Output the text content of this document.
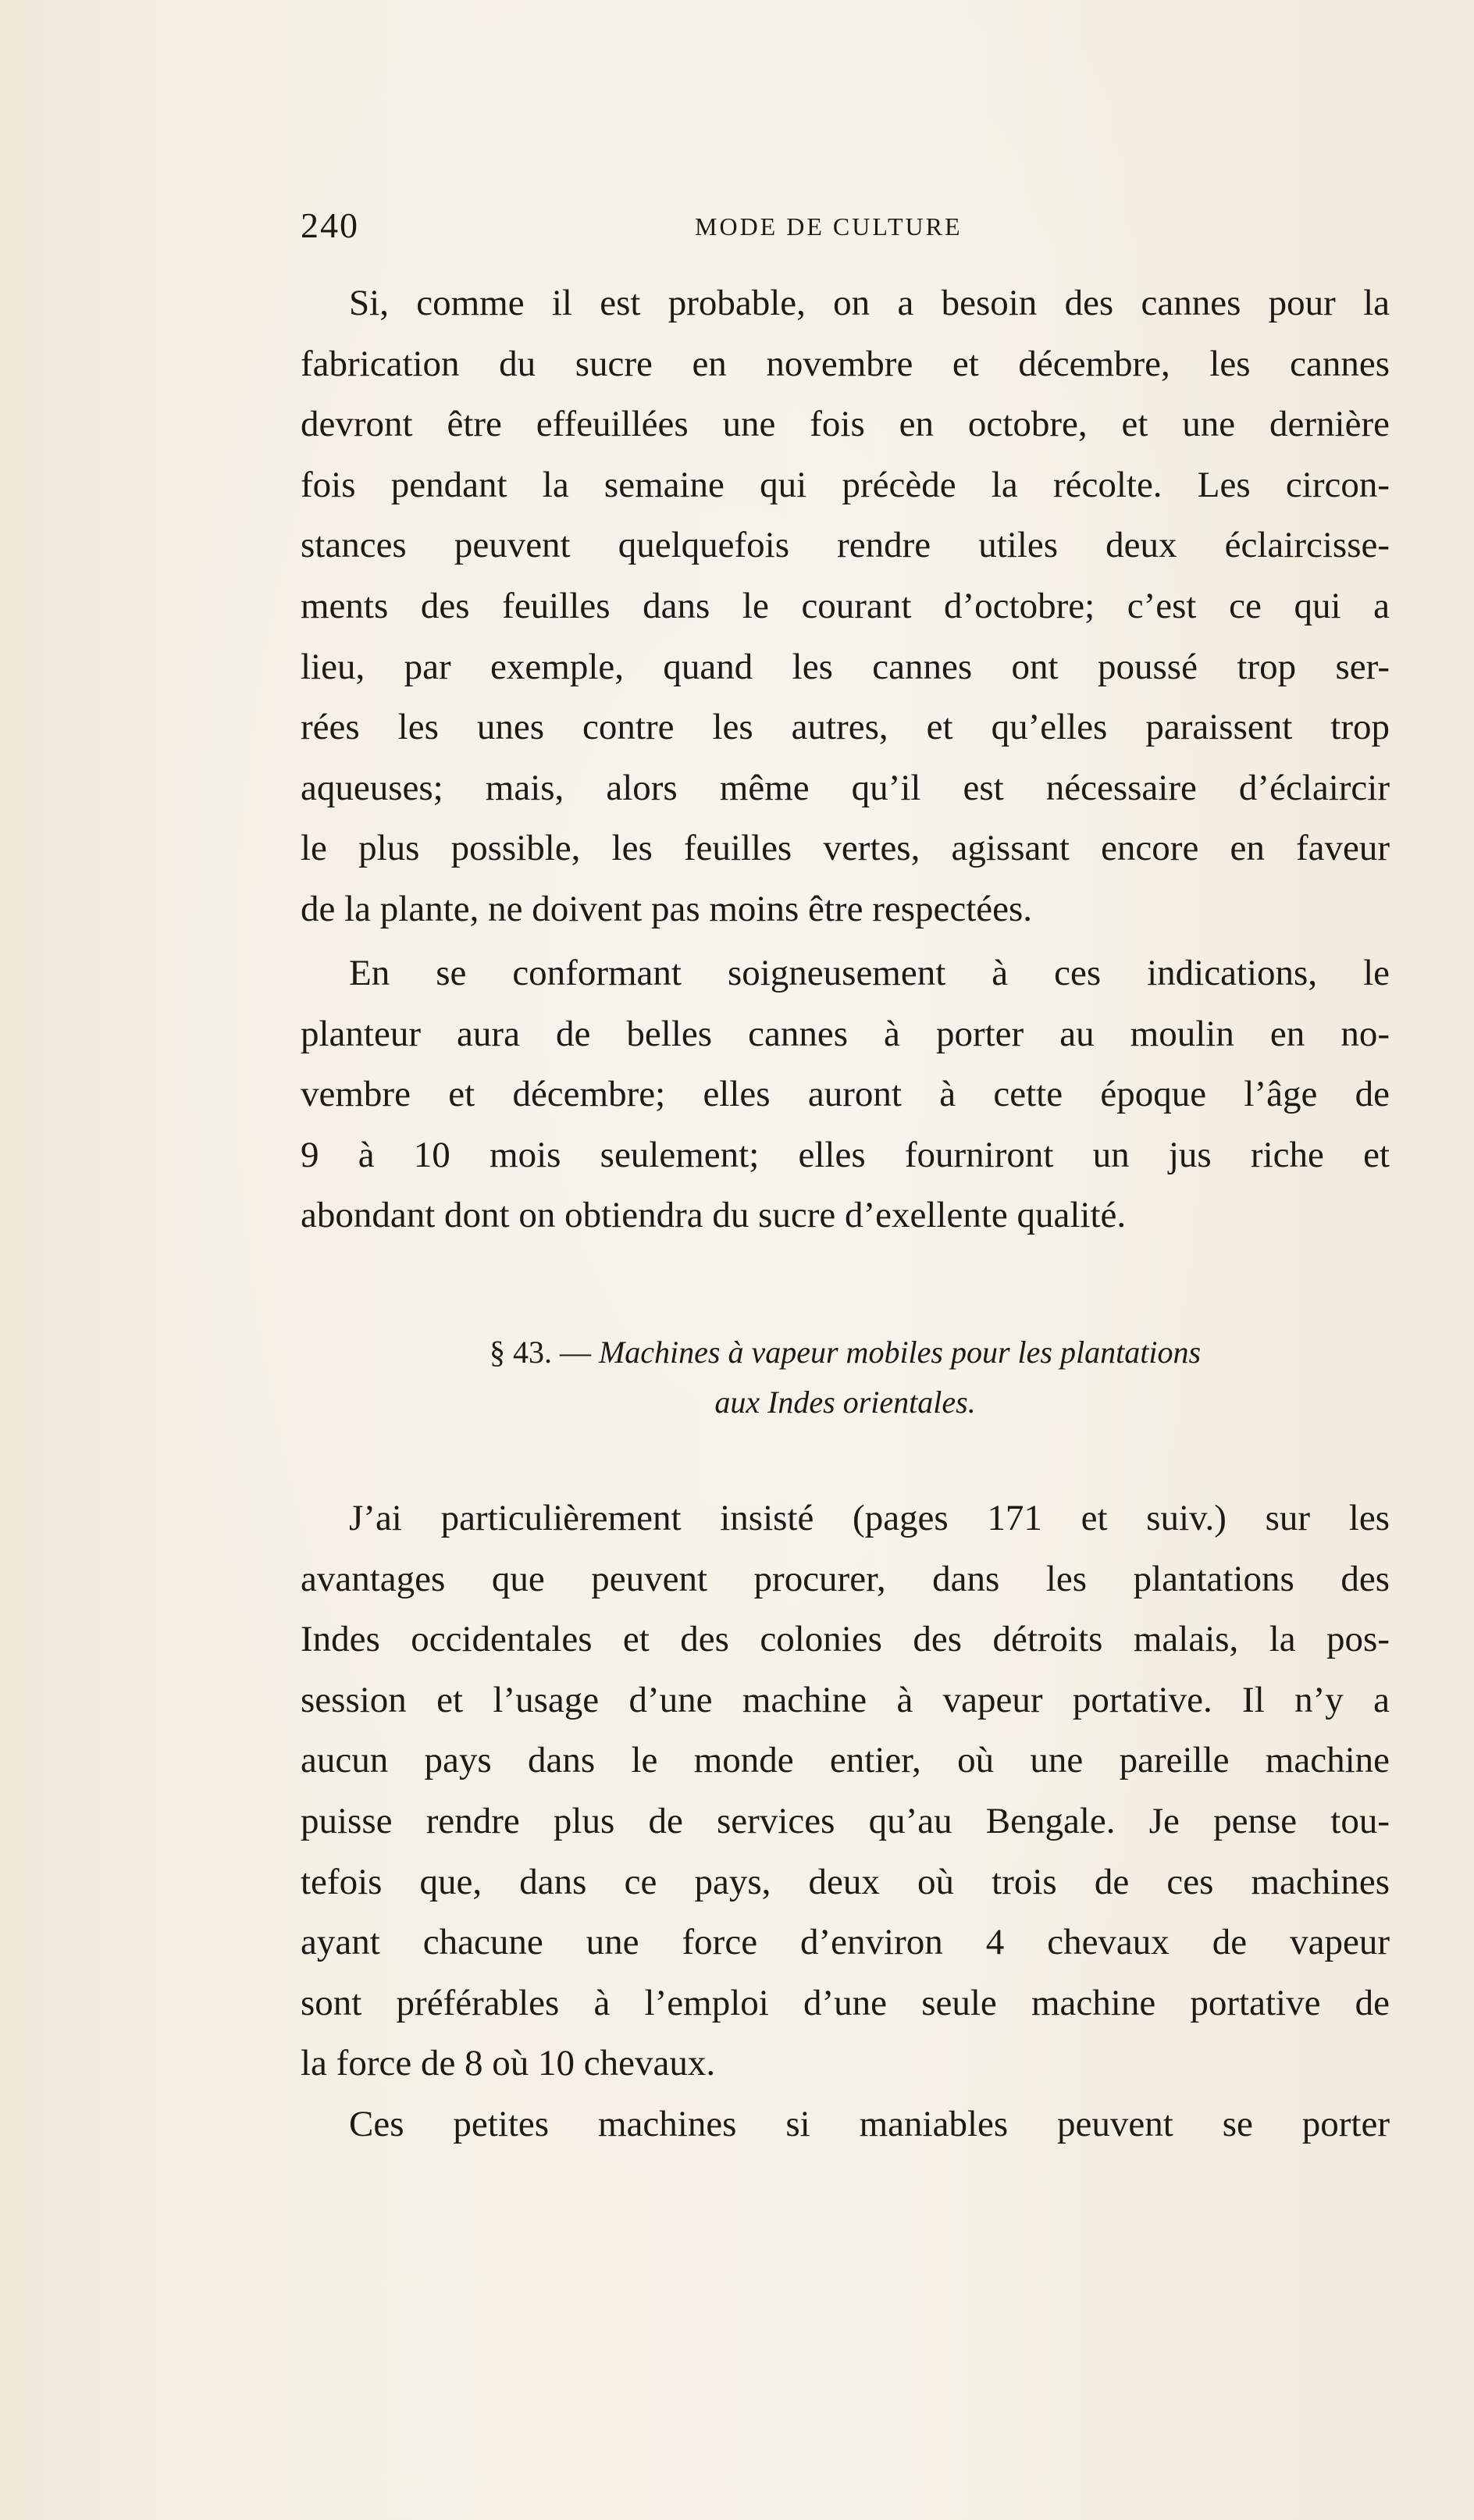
240	MODE DE CULTURE
Si, comme il est probable, on a besoin des cannes pour la
fabrication du sucre en novembre et décembre, les cannes
devront être effeuillées une fois en octobre, et une dernière
fois pendant la semaine qui précède la récolte. Les circon-
stances peuvent quelquefois rendre utiles deux éclaircisse-
ments des feuilles dans le courant d’octobre; c’est ce qui a
lieu, par exemple, quand les cannes ont poussé trop ser-
rées les unes contre les autres, et qu’elles paraissent trop
aqueuses; mais, alors même qu’il est nécessaire d’éclaircir
le plus possible, les feuilles vertes, agissant encore en faveur
de la plante, ne doivent pas moins être respectées.
En se conformant soigneusement à ces indications, le
planteur aura de belles cannes à porter au moulin en no-
vembre et décembre; elles auront à cette époque l’âge de
9 à 10 mois seulement; elles fourniront un jus riche et
abondant dont on obtiendra du sucre d’exellente qualité.
§ 43. — Machines à vapeur mobiles pour les plantations
aux Indes orientales.
J’ai particulièrement insisté (pages 171 et suiv.) sur les
avantages que peuvent procurer, dans les plantations des
Indes occidentales et des colonies des détroits malais, la pos-
session et l’usage d’une machine à vapeur portative. Il n’y a
aucun pays dans le monde entier, où une pareille machine
puisse rendre plus de services qu’au Bengale. Je pense tou-
tefois que, dans ce pays, deux où trois de ces machines
ayant chacune une force d’environ 4 chevaux de vapeur
sont préférables à l’emploi d’une seule machine portative de
la force de 8 où 10 chevaux.
Ces petites machines si maniables peuvent se porter
